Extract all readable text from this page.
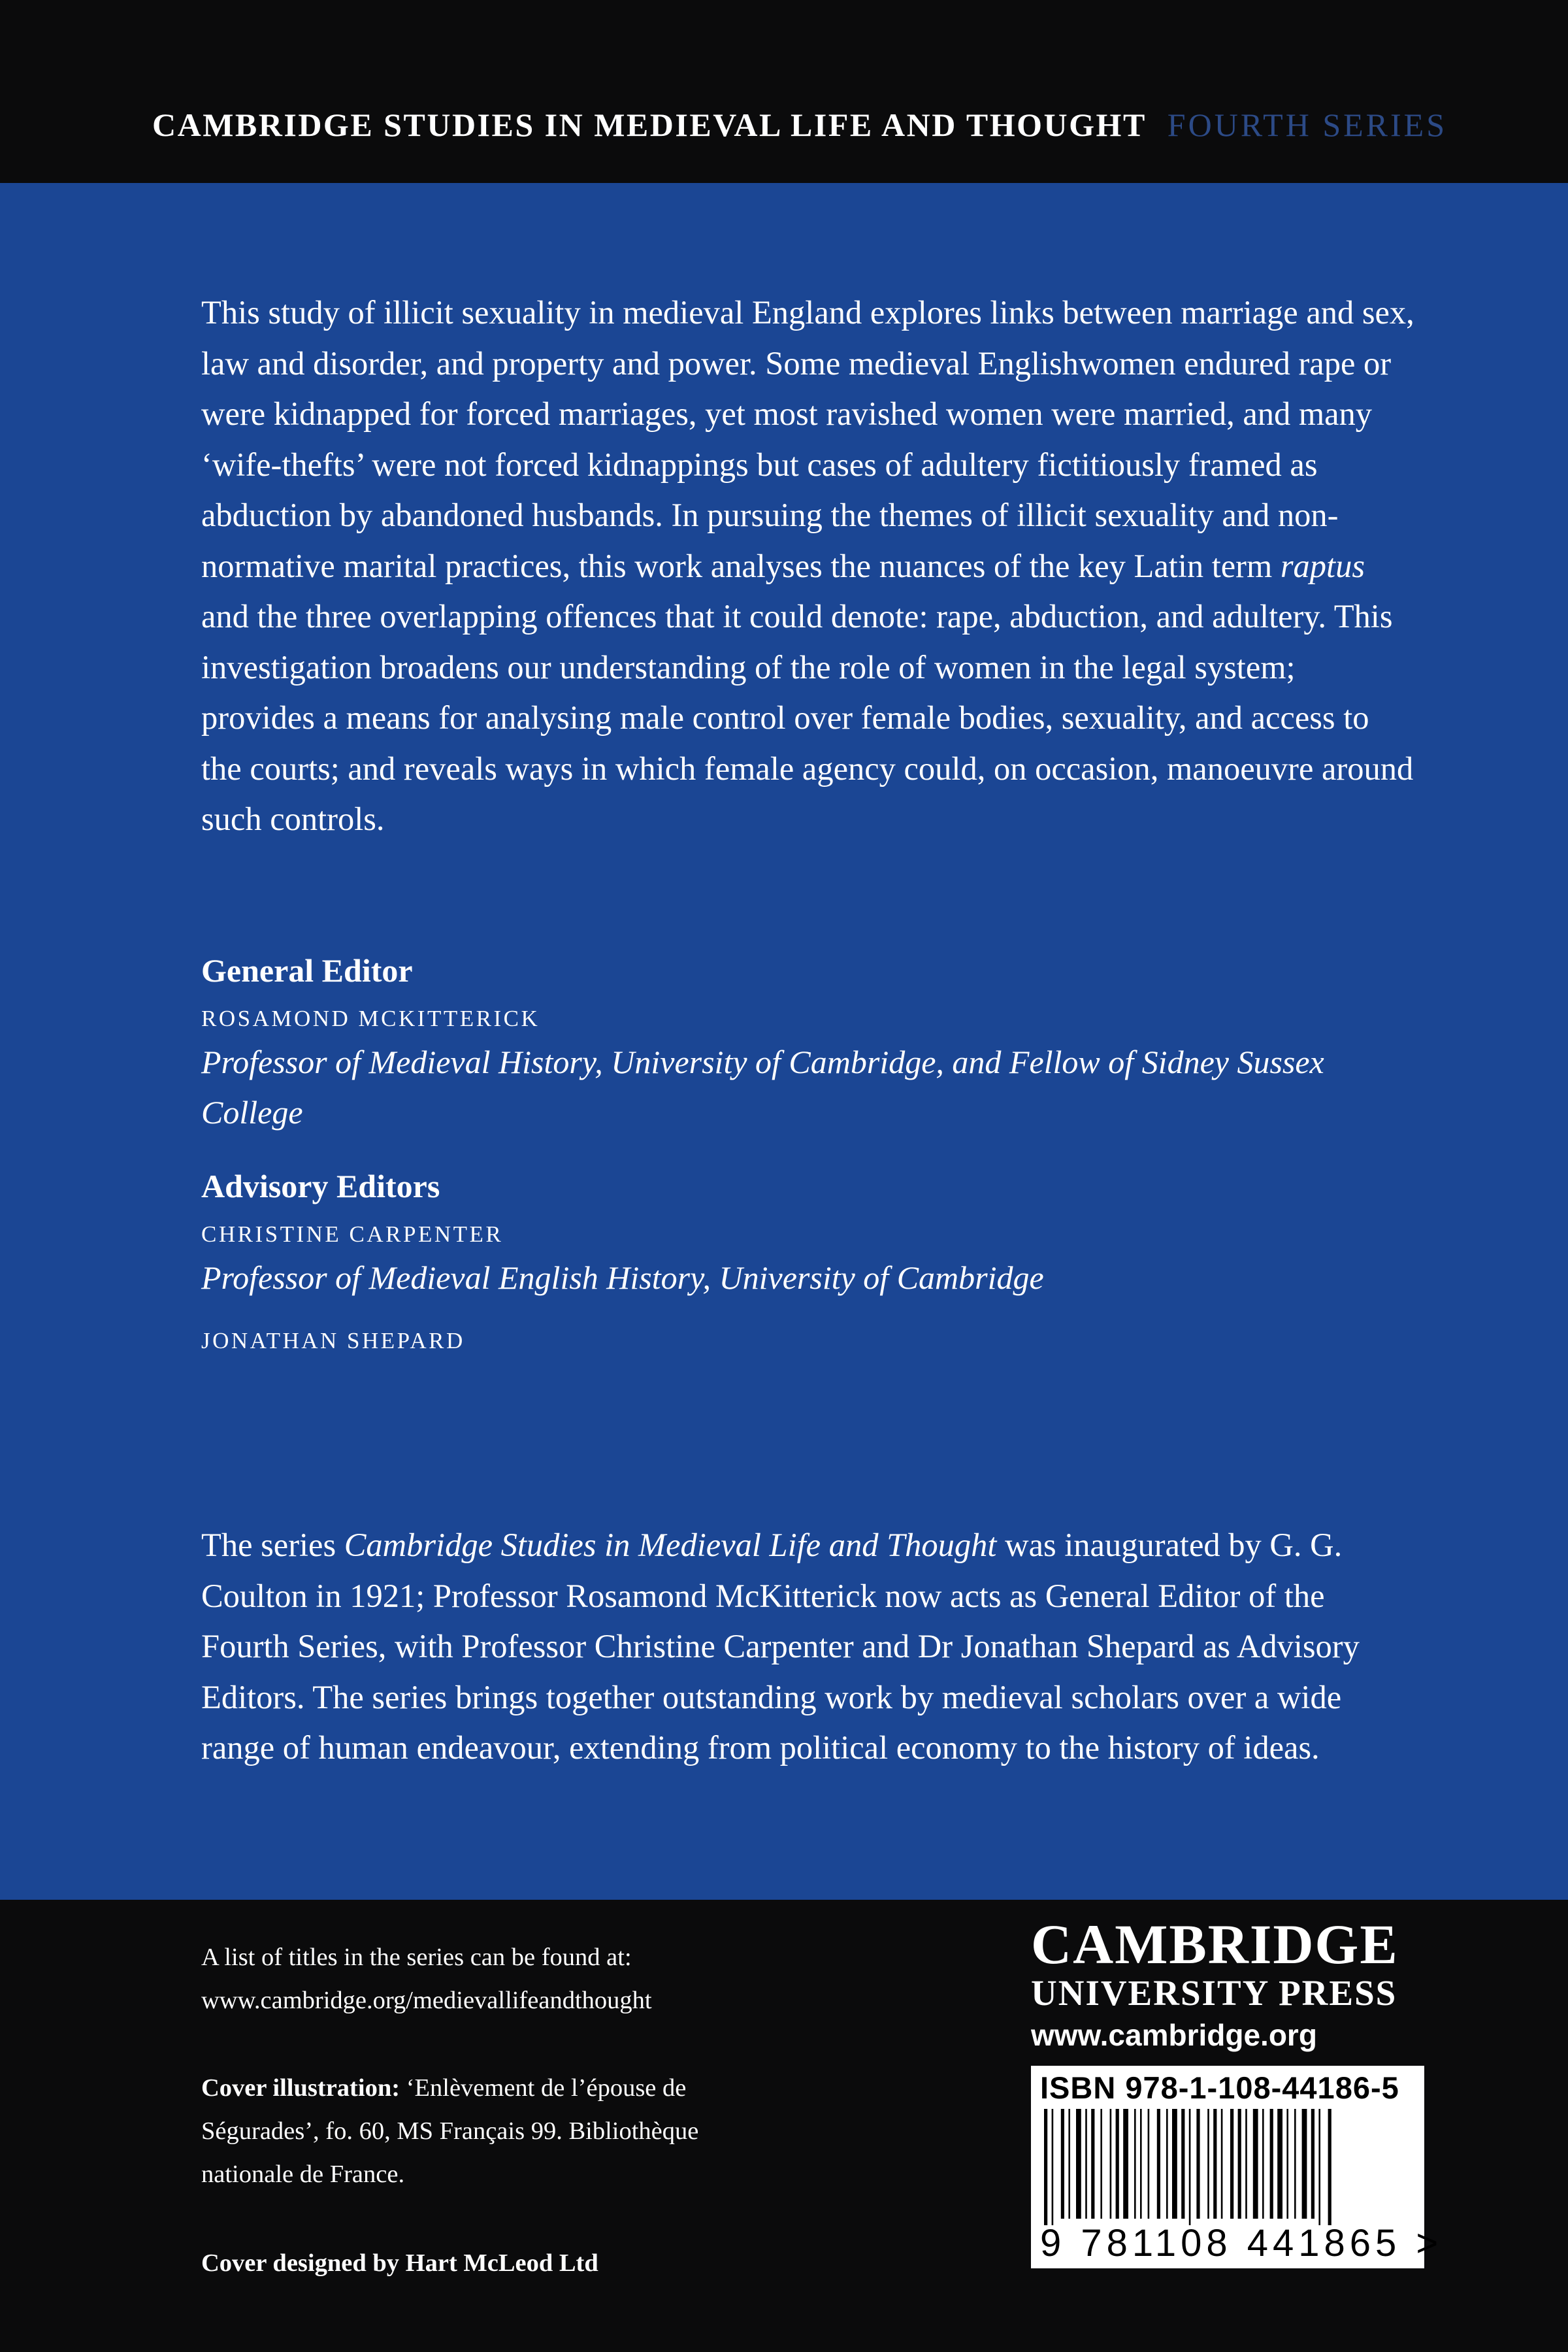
CAMBRIDGE STUDIES IN MEDIEVAL LIFE AND THOUGHT FOURTH SERIES

This study of illicit sexuality in medieval England explores links between marriage and sex, law and disorder, and property and power. Some medieval Englishwomen endured rape or were kidnapped for forced marriages, yet most ravished women were married, and many ‘wife-thefts’ were not forced kidnappings but cases of adultery fictitiously framed as abduction by abandoned husbands. In pursuing the themes of illicit sexuality and non-normative marital practices, this work analyses the nuances of the key Latin term raptus and the three overlapping offences that it could denote: rape, abduction, and adultery. This investigation broadens our understanding of the role of women in the legal system; provides a means for analysing male control over female bodies, sexuality, and access to the courts; and reveals ways in which female agency could, on occasion, manoeuvre around such controls.

General Editor

ROSAMOND MCKITTERICK

Professor of Medieval History, University of Cambridge, and Fellow of Sidney Sussex College

Advisory Editors

CHRISTINE CARPENTER

Professor of Medieval English History, University of Cambridge

JONATHAN SHEPARD

The series Cambridge Studies in Medieval Life and Thought was inaugurated by G. G. Coulton in 1921; Professor Rosamond McKitterick now acts as General Editor of the Fourth Series, with Professor Christine Carpenter and Dr Jonathan Shepard as Advisory Editors. The series brings together outstanding work by medieval scholars over a wide range of human endeavour, extending from political economy to the history of ideas.
A list of titles in the series can be found at:
www.cambridge.org/medievallifeandthought
Cover illustration: ‘Enlèvement de l’épouse de Ségurades’, fo. 60, MS Français 99. Bibliothèque nationale de France.
Cover designed by Hart McLeod Ltd
CAMBRIDGE
UNIVERSITY PRESS
www.cambridge.org
ISBN 978-1-108-44186-5
9 781108 441865 >
